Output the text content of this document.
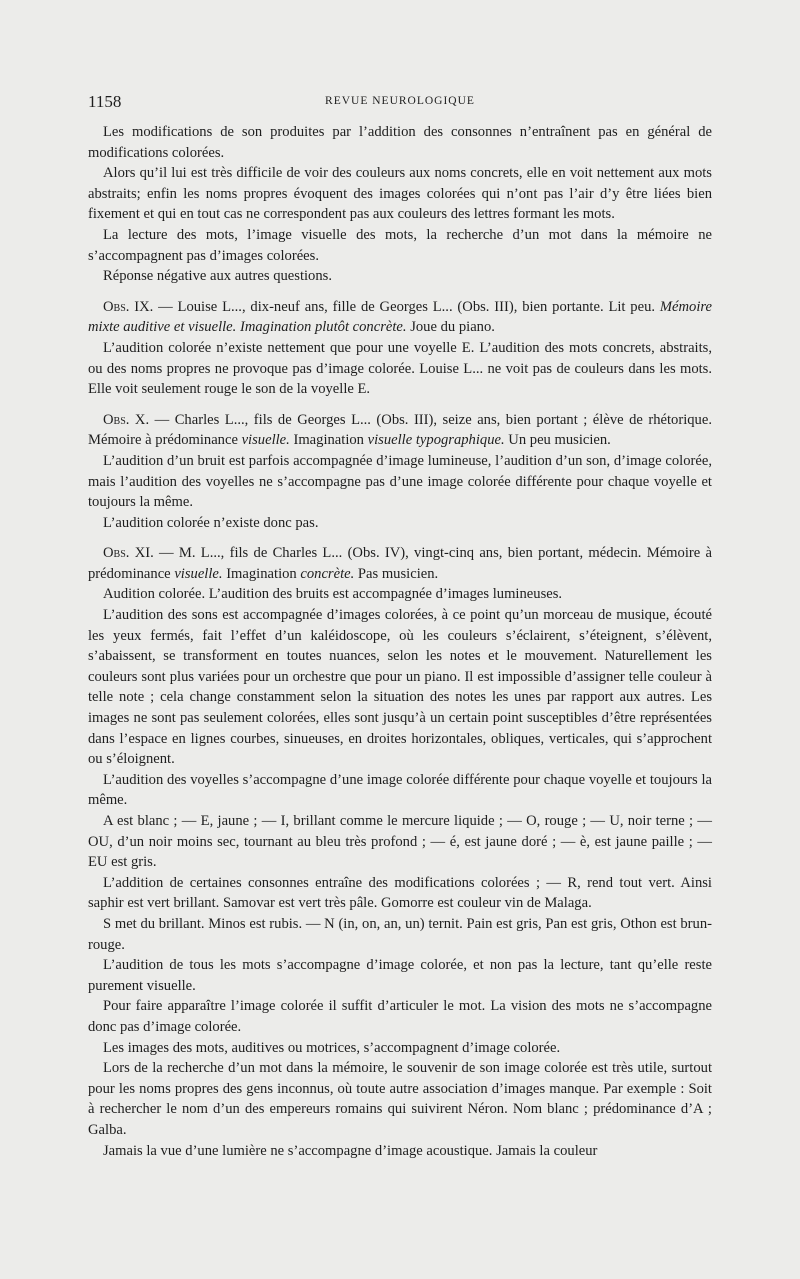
1158	REVUE NEUROLOGIQUE

Les modifications de son produites par l’addition des consonnes n’entraînent pas en général de modifications colorées.

Alors qu’il lui est très difficile de voir des couleurs aux noms concrets, elle en voit nettement aux mots abstraits; enfin les noms propres évoquent des images colorées qui n’ont pas l’air d’y être liées bien fixement et qui en tout cas ne correspondent pas aux couleurs des lettres formant les mots.

La lecture des mots, l’image visuelle des mots, la recherche d’un mot dans la mémoire ne s’accompagnent pas d’images colorées.

Réponse négative aux autres questions.

Obs. IX. — Louise L..., dix-neuf ans, fille de Georges L... (Obs. III), bien portante. Lit peu. Mémoire mixte auditive et visuelle. Imagination plutôt concrète. Joue du piano.

L’audition colorée n’existe nettement que pour une voyelle E. L’audition des mots concrets, abstraits, ou des noms propres ne provoque pas d’image colorée. Louise L... ne voit pas de couleurs dans les mots. Elle voit seulement rouge le son de la voyelle E.

Obs. X. — Charles L..., fils de Georges L... (Obs. III), seize ans, bien portant ; élève de rhétorique. Mémoire à prédominance visuelle. Imagination visuelle typographique. Un peu musicien.

L’audition d’un bruit est parfois accompagnée d’image lumineuse, l’audition d’un son, d’image colorée, mais l’audition des voyelles ne s’accompagne pas d’une image colorée différente pour chaque voyelle et toujours la même.

L’audition colorée n’existe donc pas.

Obs. XI. — M. L..., fils de Charles L... (Obs. IV), vingt-cinq ans, bien portant, médecin. Mémoire à prédominance visuelle. Imagination concrète. Pas musicien.

Audition colorée. L’audition des bruits est accompagnée d’images lumineuses.

L’audition des sons est accompagnée d’images colorées, à ce point qu’un morceau de musique, écouté les yeux fermés, fait l’effet d’un kaléidoscope, où les couleurs s’éclairent, s’éteignent, s’élèvent, s’abaissent, se transforment en toutes nuances, selon les notes et le mouvement. Naturellement les couleurs sont plus variées pour un orchestre que pour un piano. Il est impossible d’assigner telle couleur à telle note ; cela change constamment selon la situation des notes les unes par rapport aux autres. Les images ne sont pas seulement colorées, elles sont jusqu’à un certain point susceptibles d’être représentées dans l’espace en lignes courbes, sinueuses, en droites horizontales, obliques, verticales, qui s’approchent ou s’éloignent.

L’audition des voyelles s’accompagne d’une image colorée différente pour chaque voyelle et toujours la même.

A est blanc ; — E, jaune ; — I, brillant comme le mercure liquide ; — O, rouge ; — U, noir terne ; — OU, d’un noir moins sec, tournant au bleu très profond ; — é, est jaune doré ; — è, est jaune paille ; — EU est gris.

L’addition de certaines consonnes entraîne des modifications colorées ; — R, rend tout vert. Ainsi saphir est vert brillant. Samovar est vert très pâle. Gomorre est couleur vin de Malaga.

S met du brillant. Minos est rubis. — N (in, on, an, un) ternit. Pain est gris, Pan est gris, Othon est brun-rouge.

L’audition de tous les mots s’accompagne d’image colorée, et non pas la lecture, tant qu’elle reste purement visuelle.

Pour faire apparaître l’image colorée il suffit d’articuler le mot. La vision des mots ne s’accompagne donc pas d’image colorée.

Les images des mots, auditives ou motrices, s’accompagnent d’image colorée.

Lors de la recherche d’un mot dans la mémoire, le souvenir de son image colorée est très utile, surtout pour les noms propres des gens inconnus, où toute autre association d’images manque. Par exemple : Soit à rechercher le nom d’un des empereurs romains qui suivirent Néron. Nom blanc ; prédominance d’A ; Galba.

Jamais la vue d’une lumière ne s’accompagne d’image acoustique. Jamais la couleur
